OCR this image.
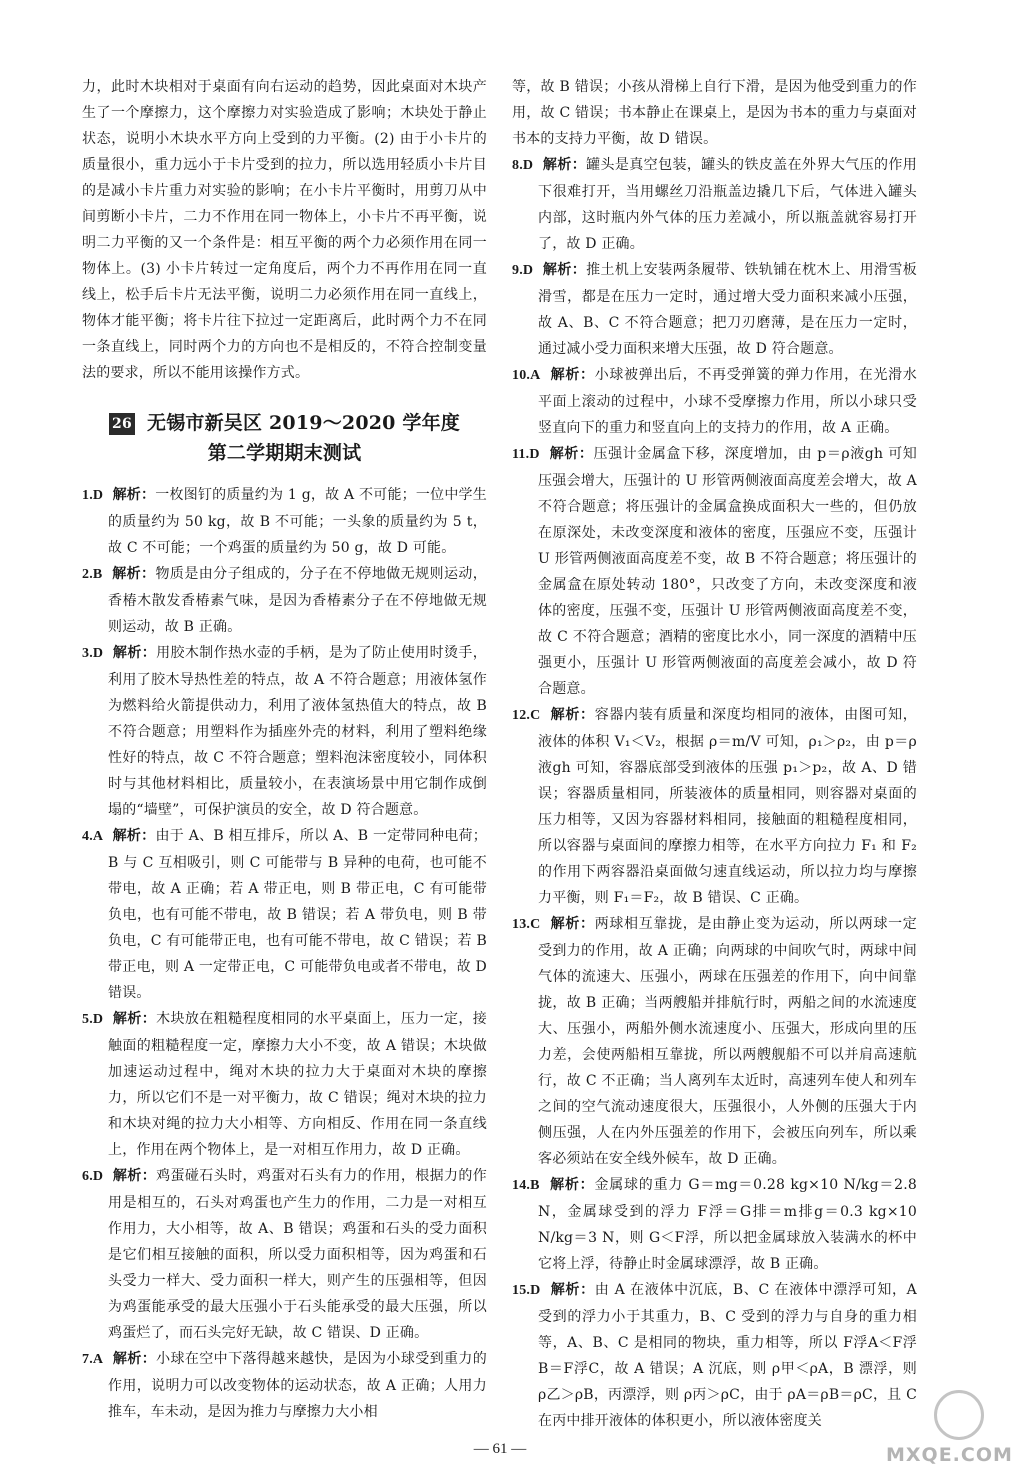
力，此时木块相对于桌面有向右运动的趋势，因此桌面对木块产生了一个摩擦力，这个摩擦力对实验造成了影响；木块处于静止状态，说明小木块水平方向上受到的力平衡。(2) 由于小卡片的质量很小，重力远小于卡片受到的拉力，所以选用轻质小卡片目的是减小卡片重力对实验的影响；在小卡片平衡时，用剪刀从中间剪断小卡片，二力不作用在同一物体上，小卡片不再平衡，说明二力平衡的又一个条件是：相互平衡的两个力必须作用在同一物体上。(3) 小卡片转过一定角度后，两个力不再作用在同一直线上，松手后卡片无法平衡，说明二力必须作用在同一直线上，物体才能平衡；将卡片往下拉过一定距离后，此时两个力不在同一条直线上，同时两个力的方向也不是相反的，不符合控制变量法的要求，所以不能用该操作方式。

26 无锡市新吴区 2019～2020 学年度
第二学期期末测试

1.D 解析：一枚图钉的质量约为 1 g，故 A 不可能；一位中学生的质量约为 50 kg，故 B 不可能；一头象的质量约为 5 t，故 C 不可能；一个鸡蛋的质量约为 50 g，故 D 可能。

2.B 解析：物质是由分子组成的，分子在不停地做无规则运动，香椿木散发香椿素气味，是因为香椿素分子在不停地做无规则运动，故 B 正确。

3.D 解析：用胶木制作热水壶的手柄，是为了防止使用时烫手，利用了胶木导热性差的特点，故 A 不符合题意；用液体氢作为燃料给火箭提供动力，利用了液体氢热值大的特点，故 B 不符合题意；用塑料作为插座外壳的材料，利用了塑料绝缘性好的特点，故 C 不符合题意；塑料泡沫密度较小，同体积时与其他材料相比，质量较小，在表演场景中用它制作成倒塌的“墙壁”，可保护演员的安全，故 D 符合题意。

4.A 解析：由于 A、B 相互排斥，所以 A、B 一定带同种电荷；B 与 C 互相吸引，则 C 可能带与 B 异种的电荷，也可能不带电，故 A 正确；若 A 带正电，则 B 带正电，C 有可能带负电，也有可能不带电，故 B 错误；若 A 带负电，则 B 带负电，C 有可能带正电，也有可能不带电，故 C 错误；若 B 带正电，则 A 一定带正电，C 可能带负电或者不带电，故 D 错误。

5.D 解析：木块放在粗糙程度相同的水平桌面上，压力一定，接触面的粗糙程度一定，摩擦力大小不变，故 A 错误；木块做加速运动过程中，绳对木块的拉力大于桌面对木块的摩擦力，所以它们不是一对平衡力，故 C 错误；绳对木块的拉力和木块对绳的拉力大小相等、方向相反、作用在同一条直线上，作用在两个物体上，是一对相互作用力，故 D 正确。

6.D 解析：鸡蛋碰石头时，鸡蛋对石头有力的作用，根据力的作用是相互的，石头对鸡蛋也产生力的作用，二力是一对相互作用力，大小相等，故 A、B 错误；鸡蛋和石头的受力面积是它们相互接触的面积，所以受力面积相等，因为鸡蛋和石头受力一样大、受力面积一样大，则产生的压强相等，但因为鸡蛋能承受的最大压强小于石头能承受的最大压强，所以鸡蛋烂了，而石头完好无缺，故 C 错误、D 正确。

7.A 解析：小球在空中下落得越来越快，是因为小球受到重力的作用，说明力可以改变物体的运动状态，故 A 正确；人用力推车，车未动，是因为推力与摩擦力大小相

等，故 B 错误；小孩从滑梯上自行下滑，是因为他受到重力的作用，故 C 错误；书本静止在课桌上，是因为书本的重力与桌面对书本的支持力平衡，故 D 错误。

8.D 解析：罐头是真空包装，罐头的铁皮盖在外界大气压的作用下很难打开，当用螺丝刀沿瓶盖边撬几下后，气体进入罐头内部，这时瓶内外气体的压力差减小，所以瓶盖就容易打开了，故 D 正确。

9.D 解析：推土机上安装两条履带、铁轨铺在枕木上、用滑雪板滑雪，都是在压力一定时，通过增大受力面积来减小压强，故 A、B、C 不符合题意；把刀刃磨薄，是在压力一定时，通过减小受力面积来增大压强，故 D 符合题意。

10.A 解析：小球被弹出后，不再受弹簧的弹力作用，在光滑水平面上滚动的过程中，小球不受摩擦力作用，所以小球只受竖直向下的重力和竖直向上的支持力的作用，故 A 正确。

11.D 解析：压强计金属盒下移，深度增加，由 p＝ρ液gh 可知压强会增大，压强计的 U 形管两侧液面高度差会增大，故 A 不符合题意；将压强计的金属盒换成面积大一些的，但仍放在原深处，未改变深度和液体的密度，压强应不变，压强计 U 形管两侧液面高度差不变，故 B 不符合题意；将压强计的金属盒在原处转动 180°，只改变了方向，未改变深度和液体的密度，压强不变，压强计 U 形管两侧液面高度差不变，故 C 不符合题意；酒精的密度比水小，同一深度的酒精中压强更小，压强计 U 形管两侧液面的高度差会减小，故 D 符合题意。

12.C 解析：容器内装有质量和深度均相同的液体，由图可知，液体的体积 V₁＜V₂，根据 ρ＝m/V 可知，ρ₁＞ρ₂，由 p＝ρ液gh 可知，容器底部受到液体的压强 p₁＞p₂，故 A、D 错误；容器质量相同，所装液体的质量相同，则容器对桌面的压力相等，又因为容器材料相同，接触面的粗糙程度相同，所以容器与桌面间的摩擦力相等，在水平方向拉力 F₁ 和 F₂ 的作用下两容器沿桌面做匀速直线运动，所以拉力均与摩擦力平衡，则 F₁＝F₂，故 B 错误、C 正确。

13.C 解析：两球相互靠拢，是由静止变为运动，所以两球一定受到力的作用，故 A 正确；向两球的中间吹气时，两球中间气体的流速大、压强小，两球在压强差的作用下，向中间靠拢，故 B 正确；当两艘船并排航行时，两船之间的水流速度大、压强小，两船外侧水流速度小、压强大，形成向里的压力差，会使两船相互靠拢，所以两艘舰船不可以并肩高速航行，故 C 不正确；当人离列车太近时，高速列车使人和列车之间的空气流动速度很大，压强很小，人外侧的压强大于内侧压强，人在内外压强差的作用下，会被压向列车，所以乘客必须站在安全线外候车，故 D 正确。

14.B 解析：金属球的重力 G＝mg＝0.28 kg×10 N/kg＝2.8 N，金属球受到的浮力 F浮＝G排＝m排g＝0.3 kg×10 N/kg＝3 N，则 G＜F浮，所以把金属球放入装满水的杯中它将上浮，待静止时金属球漂浮，故 B 正确。

15.D 解析：由 A 在液体中沉底，B、C 在液体中漂浮可知，A 受到的浮力小于其重力，B、C 受到的浮力与自身的重力相等，A、B、C 是相同的物块，重力相等，所以 F浮A＜F浮B＝F浮C，故 A 错误；A 沉底，则 ρ甲＜ρA，B 漂浮，则 ρ乙＞ρB，丙漂浮，则 ρ丙＞ρC，由于 ρA＝ρB＝ρC，且 C 在丙中排开液体的体积更小，所以液体密度关

— 61 —	MXQE.COM
